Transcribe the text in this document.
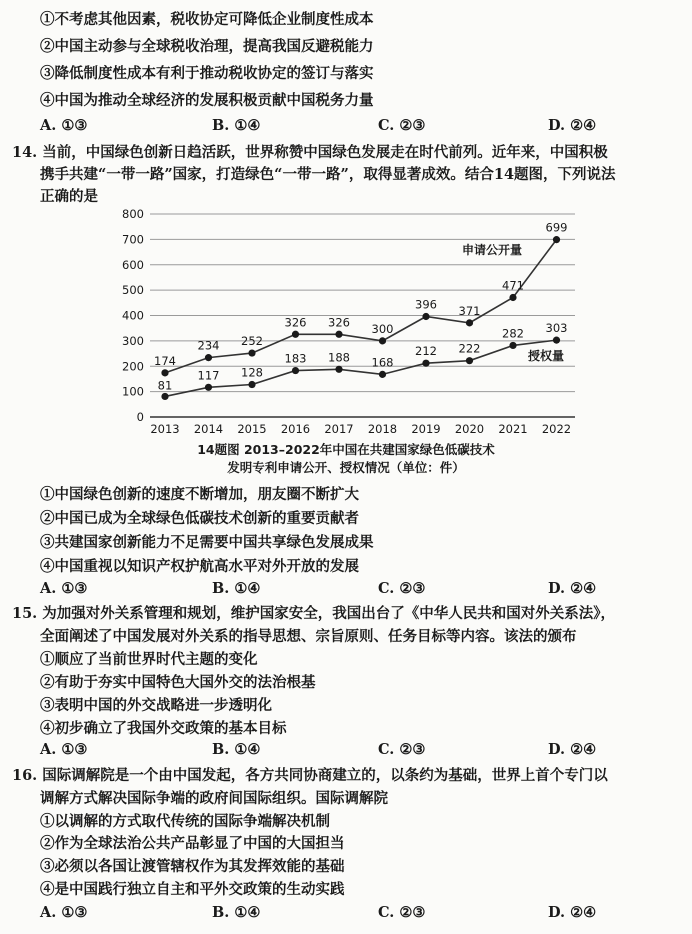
①不考虑其他因素，税收协定可降低企业制度性成本
②中国主动参与全球税收治理，提高我国反避税能力
③降低制度性成本有利于推动税收协定的签订与落实
④中国为推动全球经济的发展积极贡献中国税务力量
A. ①③	B. ①④	C. ②③	D. ②④
14. 当前，中国绿色创新日趋活跃，世界称赞中国绿色发展走在时代前列。近年来，中国积极
携手共建“一带一路”国家，打造绿色“一带一路”，取得显著成效。结合14题图，下列说法
正确的是
0
100
200
300
400
500
600
700
800
2013 2014 2015 2016 2017 2018 2019 2020 2021 2022
174
234 252
326 326 300
396 371
471
699
81
117 128
183 188 168
212 222
282 303
申请公开量
授权量
14题图 2013–2022年中国在共建国家绿色低碳技术
发明专利申请公开、授权情况（单位：件）
①中国绿色创新的速度不断增加，朋友圈不断扩大
②中国已成为全球绿色低碳技术创新的重要贡献者
③共建国家创新能力不足需要中国共享绿色发展成果
④中国重视以知识产权护航高水平对外开放的发展
A. ①③	B. ①④	C. ②③	D. ②④
15. 为加强对外关系管理和规划，维护国家安全，我国出台了《中华人民共和国对外关系法》，
全面阐述了中国发展对外关系的指导思想、宗旨原则、任务目标等内容。该法的颁布
①顺应了当前世界时代主题的变化
②有助于夯实中国特色大国外交的法治根基
③表明中国的外交战略进一步透明化
④初步确立了我国外交政策的基本目标
A. ①③	B. ①④	C. ②③	D. ②④
16. 国际调解院是一个由中国发起，各方共同协商建立的，以条约为基础，世界上首个专门以
调解方式解决国际争端的政府间国际组织。国际调解院
①以调解的方式取代传统的国际争端解决机制
②作为全球法治公共产品彰显了中国的大国担当
③必须以各国让渡管辖权作为其发挥效能的基础
④是中国践行独立自主和平外交政策的生动实践
A. ①③	B. ①④	C. ②③	D. ②④
